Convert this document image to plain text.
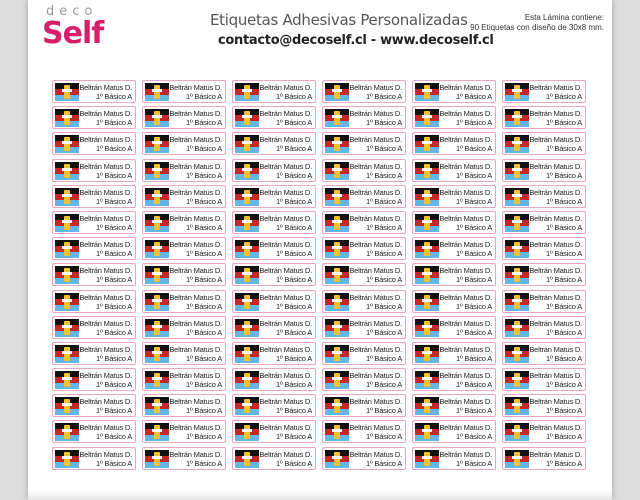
deco
Self	Etiquetas Adhesivas Personalizadas
contacto@decoself.cl - www.decoself.cl
Esta Lámina contiene:
90 Etiquetas con diseño de 30x8 mm.
Beltrán Matus D.
1º Básico A
Beltrán Matus D.
1º Básico A
Beltrán Matus D.
1º Básico A
Beltrán Matus D.
1º Básico A
Beltrán Matus D.
1º Básico A
Beltrán Matus D.
1º Básico A
Beltrán Matus D.
1º Básico A
Beltrán Matus D.
1º Básico A
Beltrán Matus D.
1º Básico A
Beltrán Matus D.
1º Básico A
Beltrán Matus D.
1º Básico A
Beltrán Matus D.
1º Básico A
Beltrán Matus D.
1º Básico A
Beltrán Matus D.
1º Básico A
Beltrán Matus D.
1º Básico A
Beltrán Matus D.
1º Básico A
Beltrán Matus D.
1º Básico A
Beltrán Matus D.
1º Básico A
Beltrán Matus D.
1º Básico A
Beltrán Matus D.
1º Básico A
Beltrán Matus D.
1º Básico A
Beltrán Matus D.
1º Básico A
Beltrán Matus D.
1º Básico A
Beltrán Matus D.
1º Básico A
Beltrán Matus D.
1º Básico A
Beltrán Matus D.
1º Básico A
Beltrán Matus D.
1º Básico A
Beltrán Matus D.
1º Básico A
Beltrán Matus D.
1º Básico A
Beltrán Matus D.
1º Básico A
Beltrán Matus D.
1º Básico A
Beltrán Matus D.
1º Básico A
Beltrán Matus D.
1º Básico A
Beltrán Matus D.
1º Básico A
Beltrán Matus D.
1º Básico A
Beltrán Matus D.
1º Básico A
Beltrán Matus D.
1º Básico A
Beltrán Matus D.
1º Básico A
Beltrán Matus D.
1º Básico A
Beltrán Matus D.
1º Básico A
Beltrán Matus D.
1º Básico A
Beltrán Matus D.
1º Básico A
Beltrán Matus D.
1º Básico A
Beltrán Matus D.
1º Básico A
Beltrán Matus D.
1º Básico A
Beltrán Matus D.
1º Básico A
Beltrán Matus D.
1º Básico A
Beltrán Matus D.
1º Básico A
Beltrán Matus D.
1º Básico A
Beltrán Matus D.
1º Básico A
Beltrán Matus D.
1º Básico A
Beltrán Matus D.
1º Básico A
Beltrán Matus D.
1º Básico A
Beltrán Matus D.
1º Básico A
Beltrán Matus D.
1º Básico A
Beltrán Matus D.
1º Básico A
Beltrán Matus D.
1º Básico A
Beltrán Matus D.
1º Básico A
Beltrán Matus D.
1º Básico A
Beltrán Matus D.
1º Básico A
Beltrán Matus D.
1º Básico A
Beltrán Matus D.
1º Básico A
Beltrán Matus D.
1º Básico A
Beltrán Matus D.
1º Básico A
Beltrán Matus D.
1º Básico A
Beltrán Matus D.
1º Básico A
Beltrán Matus D.
1º Básico A
Beltrán Matus D.
1º Básico A
Beltrán Matus D.
1º Básico A
Beltrán Matus D.
1º Básico A
Beltrán Matus D.
1º Básico A
Beltrán Matus D.
1º Básico A
Beltrán Matus D.
1º Básico A
Beltrán Matus D.
1º Básico A
Beltrán Matus D.
1º Básico A
Beltrán Matus D.
1º Básico A
Beltrán Matus D.
1º Básico A
Beltrán Matus D.
1º Básico A
Beltrán Matus D.
1º Básico A
Beltrán Matus D.
1º Básico A
Beltrán Matus D.
1º Básico A
Beltrán Matus D.
1º Básico A
Beltrán Matus D.
1º Básico A
Beltrán Matus D.
1º Básico A
Beltrán Matus D.
1º Básico A
Beltrán Matus D.
1º Básico A
Beltrán Matus D.
1º Básico A
Beltrán Matus D.
1º Básico A
Beltrán Matus D.
1º Básico A
Beltrán Matus D.
1º Básico A
